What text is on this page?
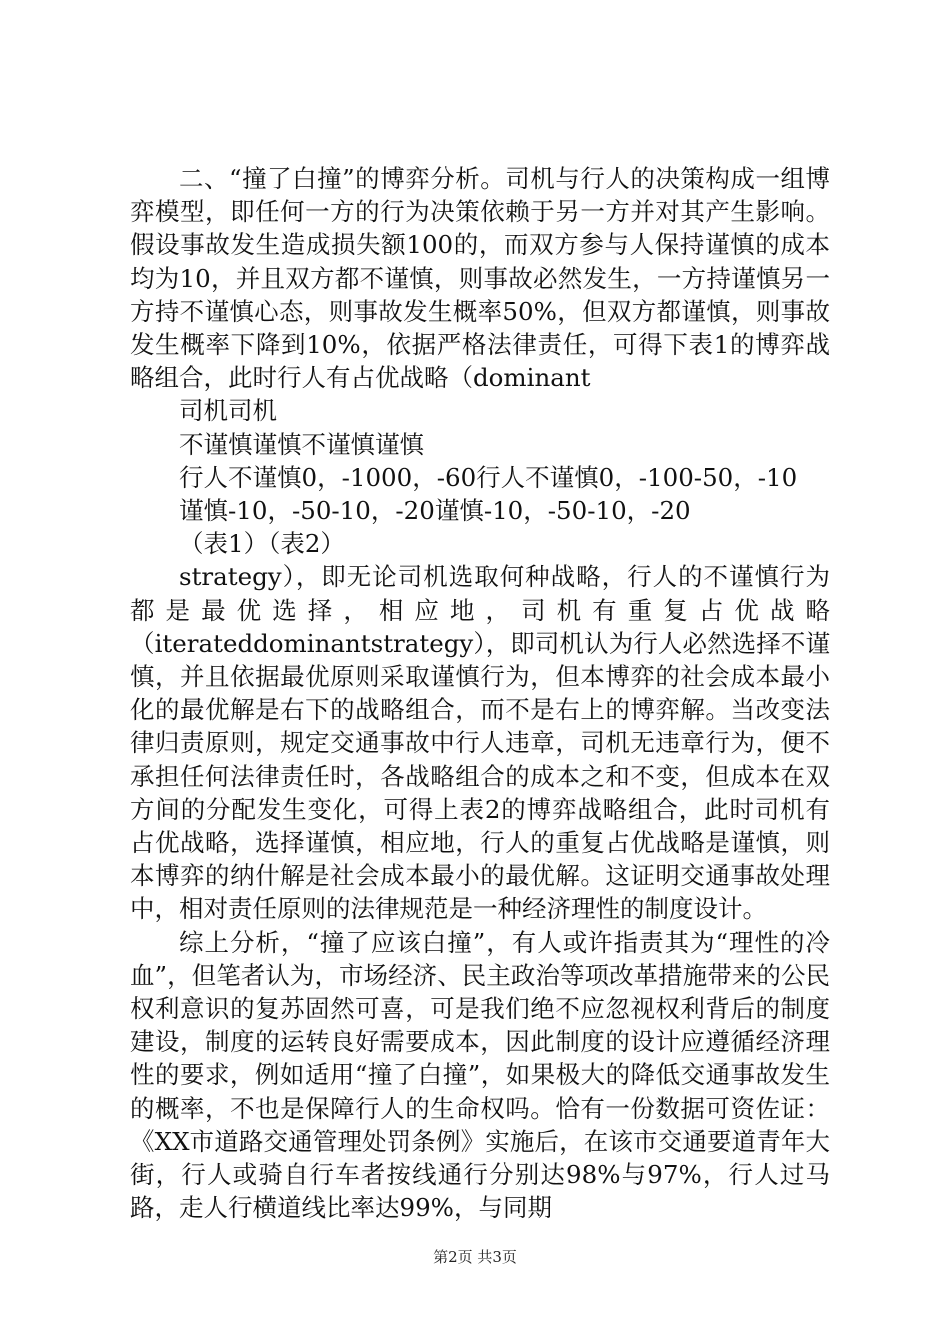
二、“撞了白撞”的博弈分析。司机与行人的决策构成一组博弈模型，即任何一方的行为决策依赖于另一方并对其产生影响。假设事故发生造成损失额100的，而双方参与人保持谨慎的成本均为10，并且双方都不谨慎，则事故必然发生，一方持谨慎另一方持不谨慎心态，则事故发生概率50%，但双方都谨慎，则事故发生概率下降到10%，依据严格法律责任，可得下表1的博弈战略组合，此时行人有占优战略（dominant

司机司机

不谨慎谨慎不谨慎谨慎

行人不谨慎0，-1000，-60行人不谨慎0，-100-50，-10

谨慎-10，-50-10，-20谨慎-10，-50-10，-20

（表1）（表2）

strategy），即无论司机选取何种战略，行人的不谨慎行为都是最优选择，相应地，司机有重复占优战略（iterateddominantstrategy），即司机认为行人必然选择不谨慎，并且依据最优原则采取谨慎行为，但本博弈的社会成本最小化的最优解是右下的战略组合，而不是右上的博弈解。当改变法律归责原则，规定交通事故中行人违章，司机无违章行为，便不承担任何法律责任时，各战略组合的成本之和不变，但成本在双方间的分配发生变化，可得上表2的博弈战略组合，此时司机有占优战略，选择谨慎，相应地，行人的重复占优战略是谨慎，则本博弈的纳什解是社会成本最小的最优解。这证明交通事故处理中，相对责任原则的法律规范是一种经济理性的制度设计。

综上分析，“撞了应该白撞”，有人或许指责其为“理性的冷血”，但笔者认为，市场经济、民主政治等项改革措施带来的公民权利意识的复苏固然可喜，可是我们绝不应忽视权利背后的制度建设，制度的运转良好需要成本，因此制度的设计应遵循经济理性的要求，例如适用“撞了白撞”，如果极大的降低交通事故发生的概率，不也是保障行人的生命权吗。恰有一份数据可资佐证：《XX市道路交通管理处罚条例》实施后，在该市交通要道青年大街，行人或骑自行车者按线通行分别达98%与97%，行人过马路，走人行横道线比率达99%，与同期

第2页 共3页
